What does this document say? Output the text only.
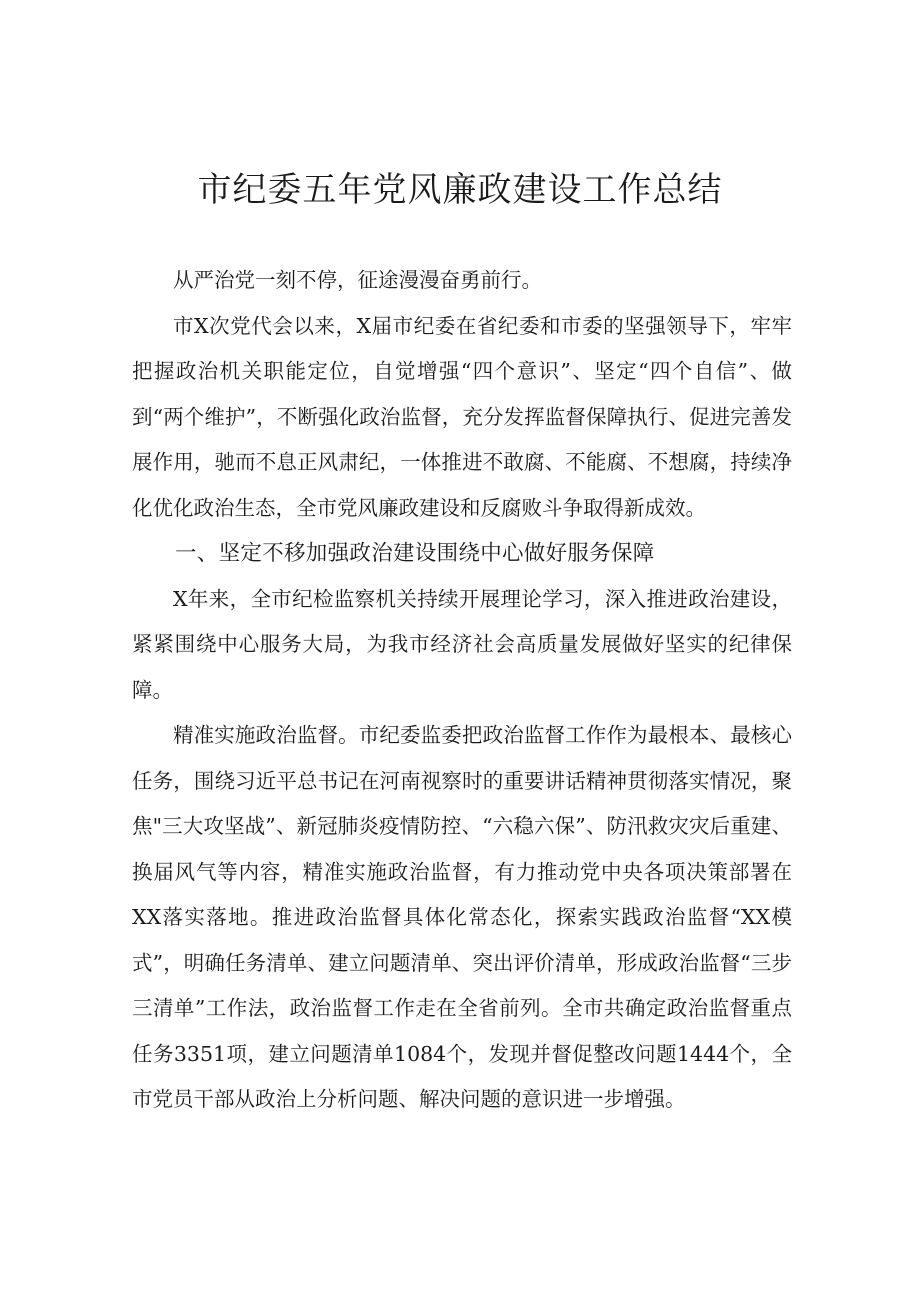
市纪委五年党风廉政建设工作总结

从严治党一刻不停，征途漫漫奋勇前行。

市X次党代会以来，X届市纪委在省纪委和市委的坚强领导下，牢牢把握政治机关职能定位，自觉增强“四个意识”、坚定“四个自信”、做到“两个维护”，不断强化政治监督，充分发挥监督保障执行、促进完善发展作用，驰而不息正风肃纪，一体推进不敢腐、不能腐、不想腐，持续净化优化政治生态，全市党风廉政建设和反腐败斗争取得新成效。

一、坚定不移加强政治建设围绕中心做好服务保障

X年来，全市纪检监察机关持续开展理论学习，深入推进政治建设，紧紧围绕中心服务大局，为我市经济社会高质量发展做好坚实的纪律保障。

精准实施政治监督。市纪委监委把政治监督工作作为最根本、最核心任务，围绕习近平总书记在河南视察时的重要讲话精神贯彻落实情况，聚焦"三大攻坚战”、新冠肺炎疫情防控、“六稳六保”、防汛救灾灾后重建、换届风气等内容，精准实施政治监督，有力推动党中央各项决策部署在XX落实落地。推进政治监督具体化常态化，探索实践政治监督“XX模式”，明确任务清单、建立问题清单、突出评价清单，形成政治监督“三步三清单”工作法，政治监督工作走在全省前列。全市共确定政治监督重点任务3351项，建立问题清单1084个，发现并督促整改问题1444个，全市党员干部从政治上分析问题、解决问题的意识进一步增强。
